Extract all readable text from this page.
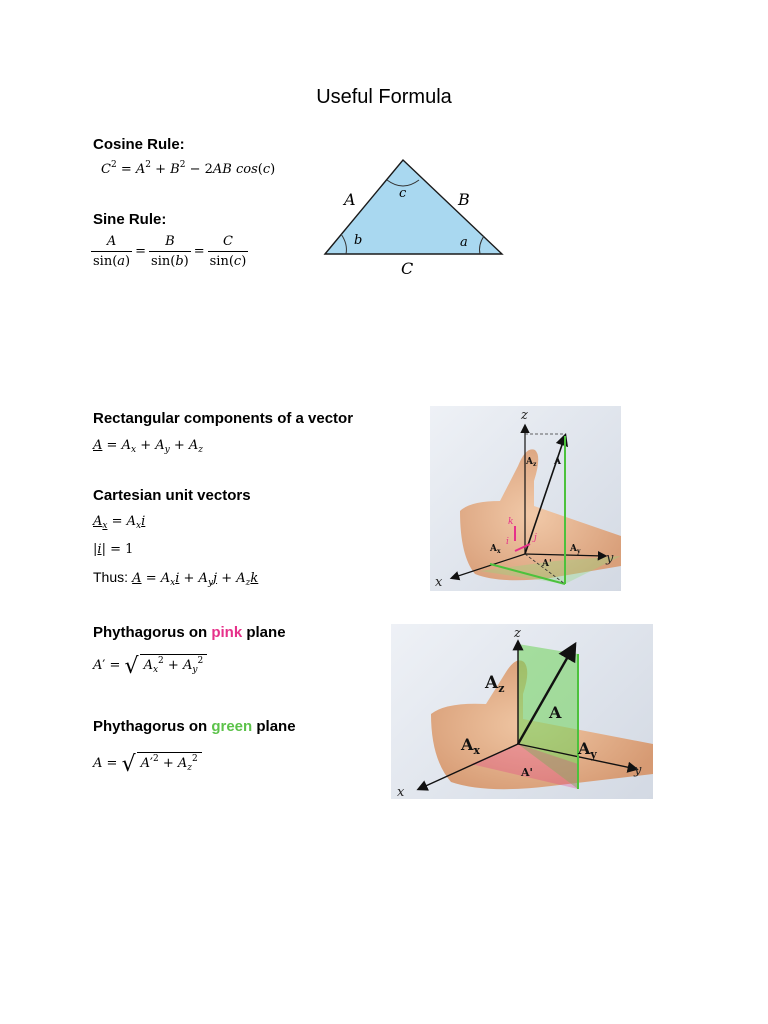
Useful Formula
Cosine Rule:
$C^2 = A^2 + B^2 - 2AB$ cos(c)
Sine Rule:
$\frac{A}{\sin(a)} = \frac{B}{\sin(b)} = \frac{C}{\sin(c)}$
c
b	a
A	B
C
Rectangular components of a vector
$A = A_x + A_y + A_z$
Cartesian unit vectors
$A_x = A_xi$
|i| = 1
Thus: $A = A_xi + A_yj + A_zk$
z
y
x
$A_z$ A
$A_x$	$A_y$
A'
k
i	j
Phythagorus on pink plane
A′ = √ $A_x^2 + A_y^2$
Phythagorus on green plane
A = √ $A'^2 + A_z^2$
z
y
x
$A_z$
A
$A_x$	$A_y$
A'
